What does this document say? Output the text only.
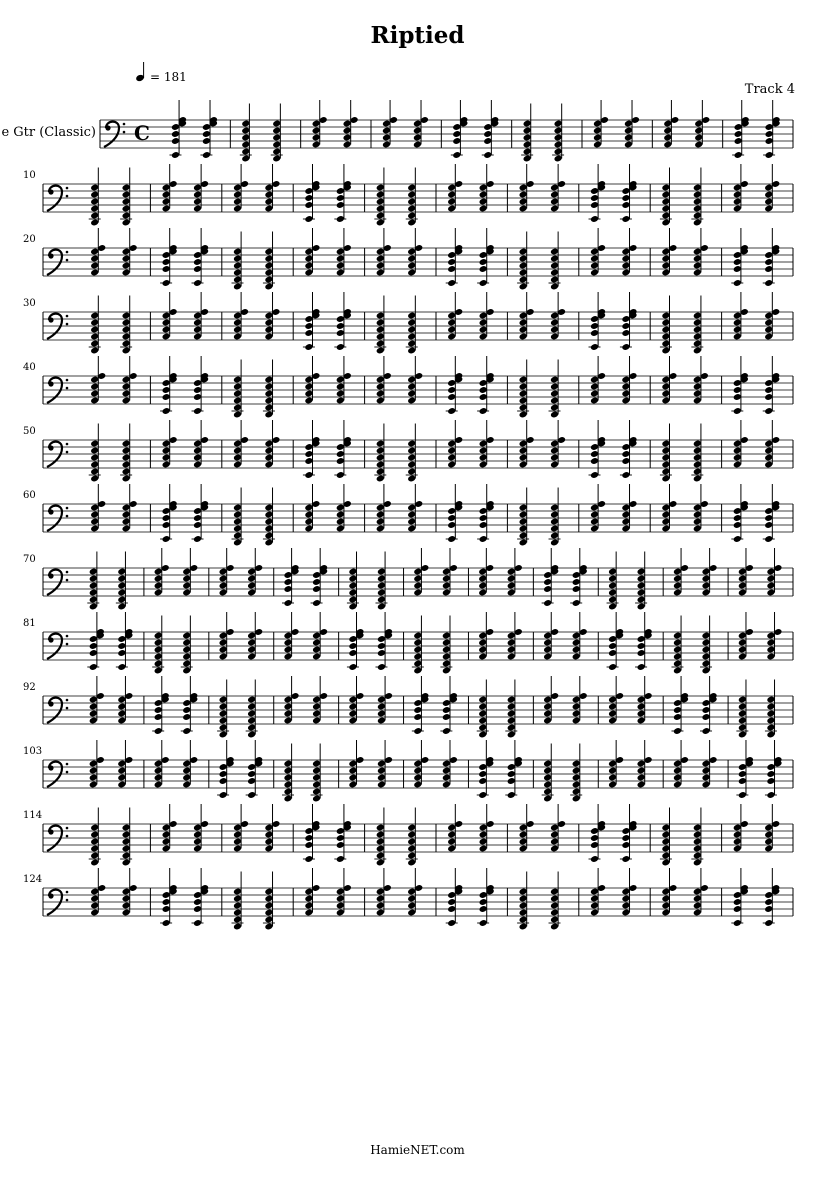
Riptied
Track 4
e Gtr (Classic) C
= 181
10
20
30
40
50
60
70
81
92
103
114
124
HamieNET.com
